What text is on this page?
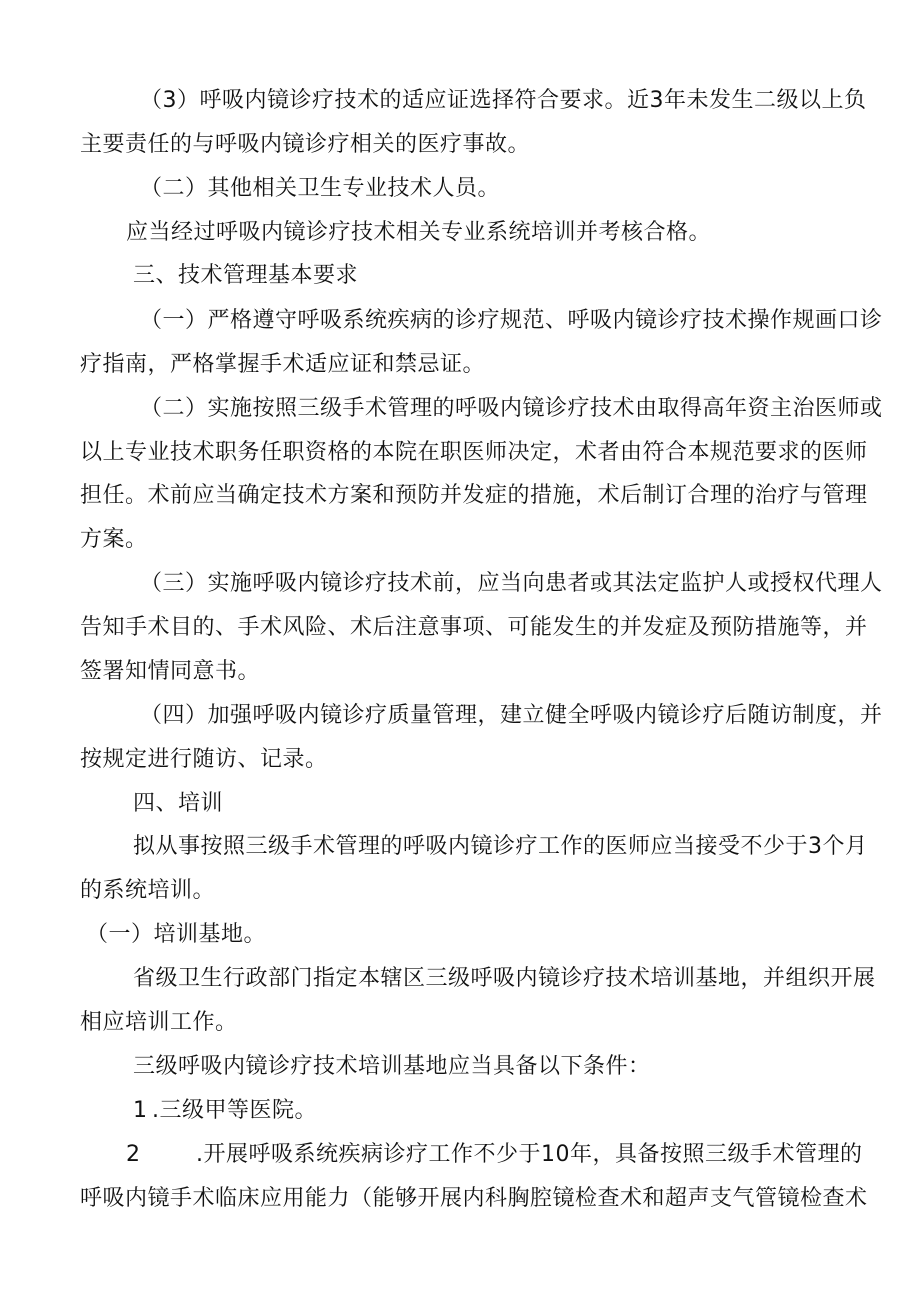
（3）呼吸内镜诊疗技术的适应证选择符合要求。近3年未发生二级以上负
主要责任的与呼吸内镜诊疗相关的医疗事故。
（二）其他相关卫生专业技术人员。
应当经过呼吸内镜诊疗技术相关专业系统培训并考核合格。
三、技术管理基本要求
（一）严格遵守呼吸系统疾病的诊疗规范、呼吸内镜诊疗技术操作规画口诊
疗指南，严格掌握手术适应证和禁忌证。
（二）实施按照三级手术管理的呼吸内镜诊疗技术由取得高年资主治医师或
以上专业技术职务任职资格的本院在职医师决定，术者由符合本规范要求的医师
担任。术前应当确定技术方案和预防并发症的措施，术后制订合理的治疗与管理
方案。
（三）实施呼吸内镜诊疗技术前，应当向患者或其法定监护人或授权代理人
告知手术目的、手术风险、术后注意事项、可能发生的并发症及预防措施等，并
签署知情同意书。
（四）加强呼吸内镜诊疗质量管理，建立健全呼吸内镜诊疗后随访制度，并
按规定进行随访、记录。
四、培训
拟从事按照三级手术管理的呼吸内镜诊疗工作的医师应当接受不少于3个月
的系统培训。
（一）培训基地。
省级卫生行政部门指定本辖区三级呼吸内镜诊疗技术培训基地，并组织开展
相应培训工作。
三级呼吸内镜诊疗技术培训基地应当具备以下条件：
1 .三级甲等医院。
2	.开展呼吸系统疾病诊疗工作不少于10年，具备按照三级手术管理的
呼吸内镜手术临床应用能力（能够开展内科胸腔镜检查术和超声支气管镜检查术
